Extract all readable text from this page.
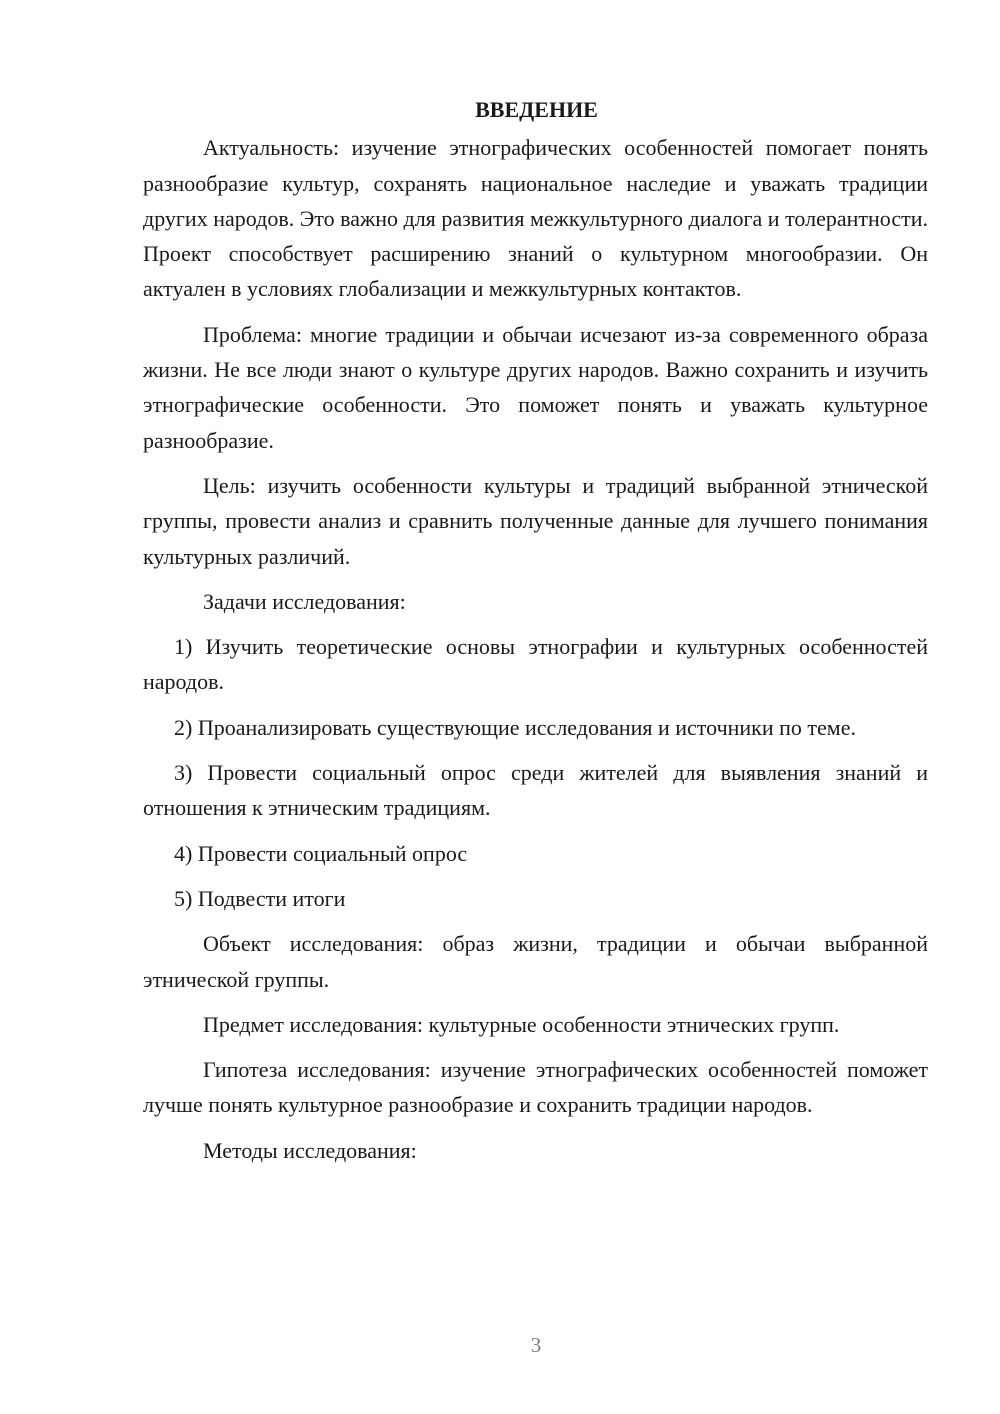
ВВЕДЕНИЕ

Актуальность: изучение этнографических особенностей помогает понять разнообразие культур, сохранять национальное наследие и уважать традиции других народов. Это важно для развития межкультурного диалога и толерантности. Проект способствует расширению знаний о культурном многообразии. Он актуален в условиях глобализации и межкультурных контактов.

Проблема: многие традиции и обычаи исчезают из-за современного образа жизни. Не все люди знают о культуре других народов. Важно сохранить и изучить этнографические особенности. Это поможет понять и уважать культурное разнообразие.

Цель: изучить особенности культуры и традиций выбранной этнической группы, провести анализ и сравнить полученные данные для лучшего понимания культурных различий.

Задачи исследования:

1) Изучить теоретические основы этнографии и культурных особенностей народов.

2) Проанализировать существующие исследования и источники по теме.

3) Провести социальный опрос среди жителей для выявления знаний и отношения к этническим традициям.

4) Провести социальный опрос

5) Подвести итоги

Объект исследования: образ жизни, традиции и обычаи выбранной этнической группы.

Предмет исследования: культурные особенности этнических групп.

Гипотеза исследования: изучение этнографических особенностей поможет лучше понять культурное разнообразие и сохранить традиции народов.

Методы исследования:

3
